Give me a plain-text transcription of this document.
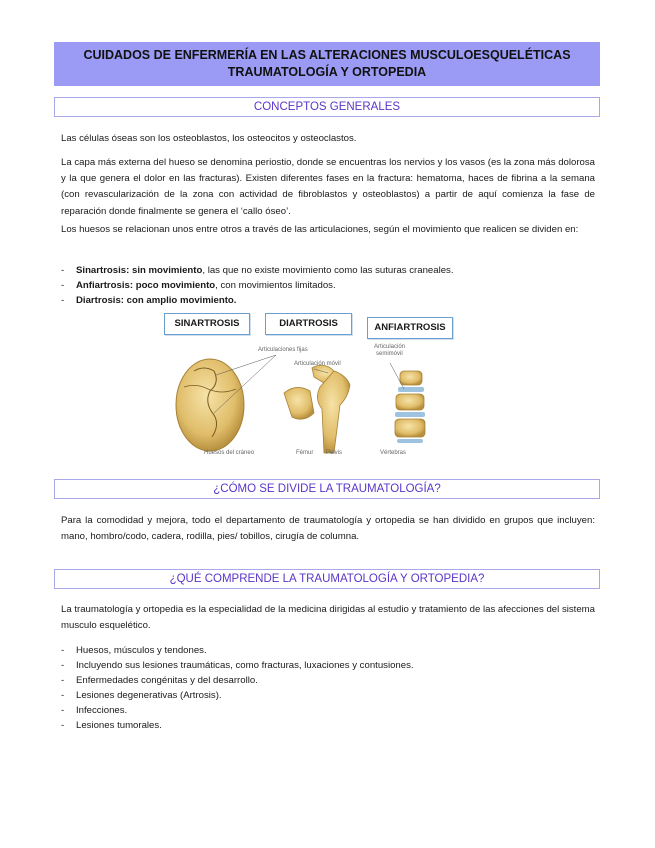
CUIDADOS DE ENFERMERÍA EN LAS ALTERACIONES MUSCULOESQUELÉTICAS
TRAUMATOLOGÍA Y ORTOPEDIA
CONCEPTOS GENERALES

Las células óseas son los osteoblastos, los osteocitos y osteoclastos.

La capa más externa del hueso se denomina periostio, donde se encuentras los nervios y los vasos (es la zona más dolorosa y la que genera el dolor en las fracturas). Existen diferentes fases en la fractura: hematoma, haces de fibrina a la semana (con revascularización de la zona con actividad de fibroblastos y osteoblastos) a partir de aquí comienza la fase de reparación donde finalmente se genera el ‘callo óseo’.

Los huesos se relacionan unos entre otros a través de las articulaciones, según el movimiento que realicen se dividen en:

- Sinartrosis: sin movimiento, las que no existe movimiento como las suturas craneales.
- Anfiartrosis: poco movimiento, con movimientos limitados.
- Diartrosis: con amplio movimiento.
SINARTROSIS	DIARTROSIS	ANFIARTROSIS
Articulaciones fijas
Articulación móvil
Articulación
semimóvil
Huesos del cráneo	Fémur Pelvis	Vértebras
¿CÓMO SE DIVIDE LA TRAUMATOLOGÍA?

Para la comodidad y mejora, todo el departamento de traumatología y ortopedia se han dividido en grupos que incluyen: mano, hombro/codo, cadera, rodilla, pies/ tobillos, cirugía de columna.

¿QUÉ COMPRENDE LA TRAUMATOLOGÍA Y ORTOPEDIA?

La traumatología y ortopedia es la especialidad de la medicina dirigidas al estudio y tratamiento de las afecciones del sistema musculo esquelético.

- Huesos, músculos y tendones.
- Incluyendo sus lesiones traumáticas, como fracturas, luxaciones y contusiones.
- Enfermedades congénitas y del desarrollo.
- Lesiones degenerativas (Artrosis).
- Infecciones.
- Lesiones tumorales.
